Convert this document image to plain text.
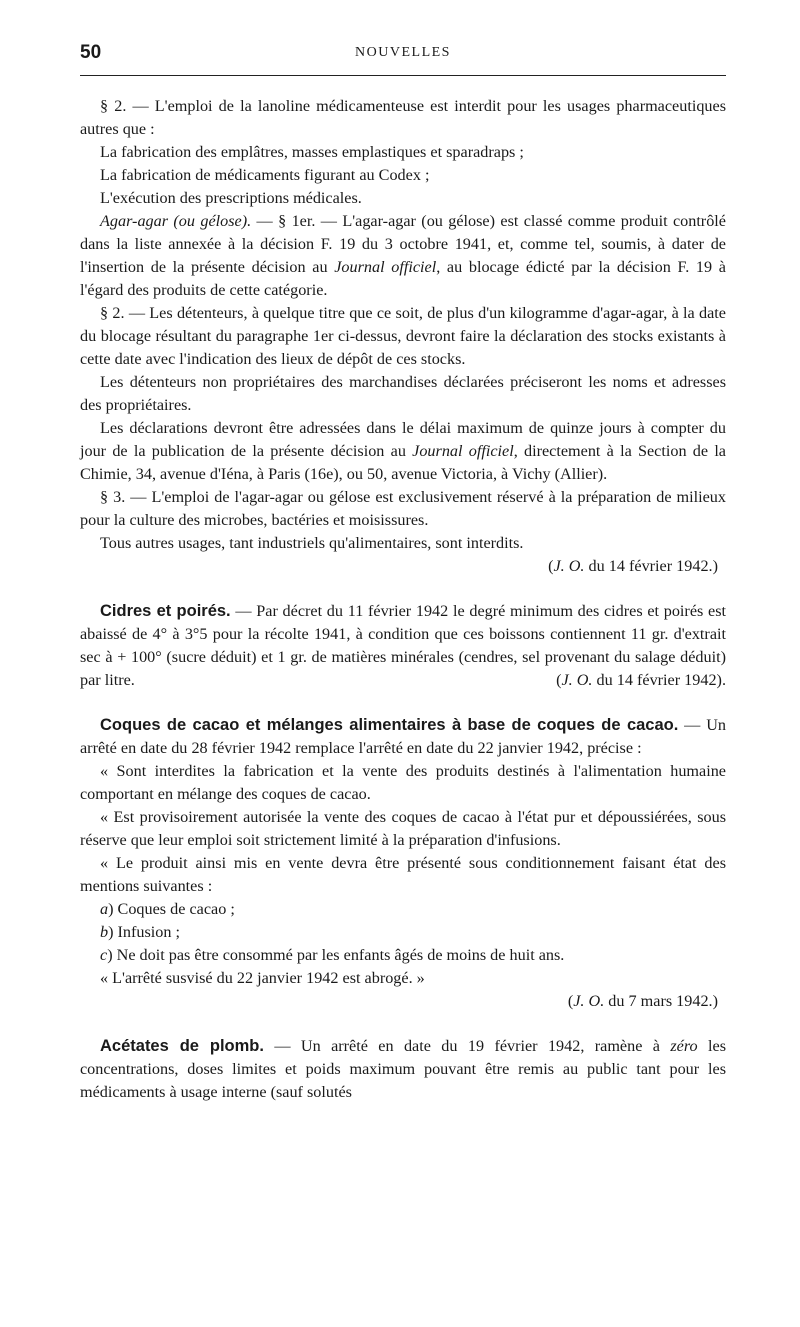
50	NOUVELLES

§ 2. — L'emploi de la lanoline médicamenteuse est interdit pour les usages pharmaceutiques autres que :

La fabrication des emplâtres, masses emplastiques et sparadraps ;

La fabrication de médicaments figurant au Codex ;

L'exécution des prescriptions médicales.

Agar-agar (ou gélose). — § 1er. — L'agar-agar (ou gélose) est classé comme produit contrôlé dans la liste annexée à la décision F. 19 du 3 octobre 1941, et, comme tel, soumis, à dater de l'insertion de la présente décision au Journal officiel, au blocage édicté par la décision F. 19 à l'égard des produits de cette catégorie.

§ 2. — Les détenteurs, à quelque titre que ce soit, de plus d'un kilogramme d'agar-agar, à la date du blocage résultant du paragraphe 1er ci-dessus, devront faire la déclaration des stocks existants à cette date avec l'indication des lieux de dépôt de ces stocks.

Les détenteurs non propriétaires des marchandises déclarées préciseront les noms et adresses des propriétaires.

Les déclarations devront être adressées dans le délai maximum de quinze jours à compter du jour de la publication de la présente décision au Journal officiel, directement à la Section de la Chimie, 34, avenue d'Iéna, à Paris (16e), ou 50, avenue Victoria, à Vichy (Allier).

§ 3. — L'emploi de l'agar-agar ou gélose est exclusivement réservé à la préparation de milieux pour la culture des microbes, bactéries et moisissures.

Tous autres usages, tant industriels qu'alimentaires, sont interdits.

(J. O. du 14 février 1942.)

Cidres et poirés. — Par décret du 11 février 1942 le degré minimum des cidres et poirés est abaissé de 4° à 3°5 pour la récolte 1941, à condition que ces boissons contiennent 11 gr. d'extrait sec à + 100° (sucre déduit) et 1 gr. de matières minérales (cendres, sel provenant du salage déduit) par litre.	(J. O. du 14 février 1942).

Coques de cacao et mélanges alimentaires à base de coques de cacao. — Un arrêté en date du 28 février 1942 remplace l'arrêté en date du 22 janvier 1942, précise :

« Sont interdites la fabrication et la vente des produits destinés à l'alimentation humaine comportant en mélange des coques de cacao.

« Est provisoirement autorisée la vente des coques de cacao à l'état pur et dépoussiérées, sous réserve que leur emploi soit strictement limité à la préparation d'infusions.

« Le produit ainsi mis en vente devra être présenté sous conditionnement faisant état des mentions suivantes :

a) Coques de cacao ;

b) Infusion ;

c) Ne doit pas être consommé par les enfants âgés de moins de huit ans.

« L'arrêté susvisé du 22 janvier 1942 est abrogé. »

(J. O. du 7 mars 1942.)

Acétates de plomb. — Un arrêté en date du 19 février 1942, ramène à zéro les concentrations, doses limites et poids maximum pouvant être remis au public tant pour les médicaments à usage interne (sauf solutés
